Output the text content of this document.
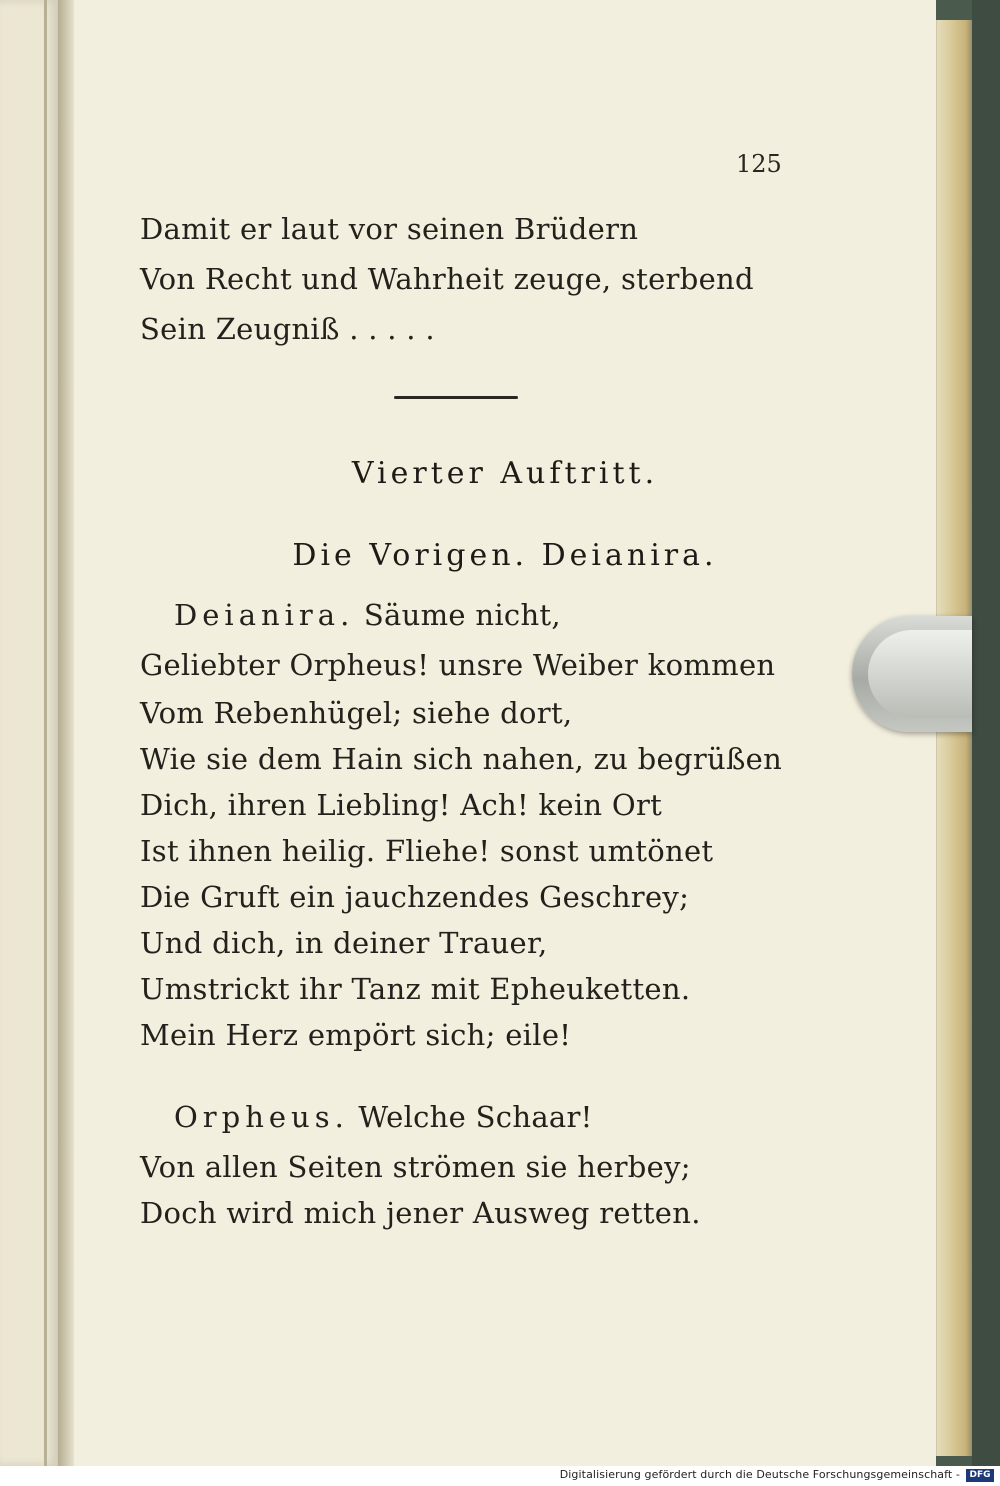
125
Damit er laut vor seinen Brüdern
Von Recht und Wahrheit zeuge, sterbend
Sein Zeugniß . . . . .
Vierter Auftritt.
Die Vorigen. Deianira.
Deianira. Säume nicht,
Geliebter Orpheus! unsre Weiber kommen
Vom Rebenhügel; siehe dort,
Wie sie dem Hain sich nahen, zu begrüßen
Dich, ihren Liebling! Ach! kein Ort
Ist ihnen heilig. Fliehe! sonst umtönet
Die Gruft ein jauchzendes Geschrey;
Und dich, in deiner Trauer,
Umstrickt ihr Tanz mit Epheuketten.
Mein Herz empört sich; eile!
Orpheus. Welche Schaar!
Von allen Seiten strömen sie herbey;
Doch wird mich jener Ausweg retten.
Digitalisierung gefördert durch die Deutsche Forschungsgemeinschaft -	DFG
